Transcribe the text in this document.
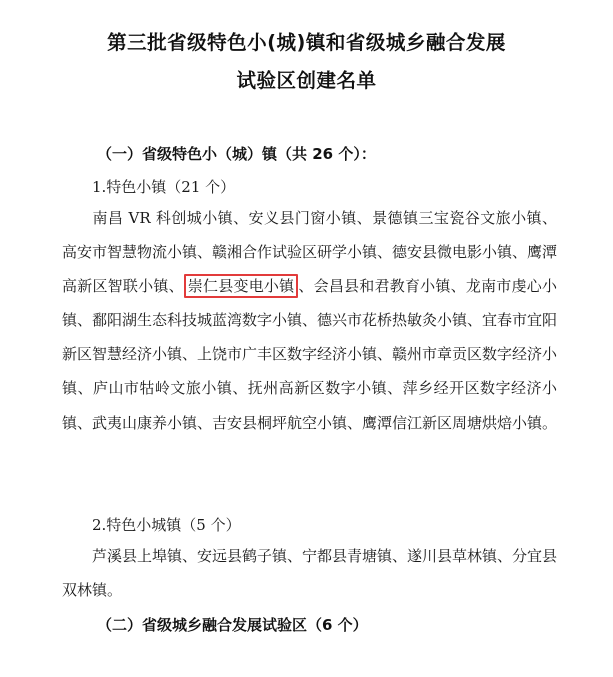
第三批省级特色小(城)镇和省级城乡融合发展
试验区创建名单
（一）省级特色小（城）镇（共 26 个）：
1.特色小镇（21 个）
南昌 VR 科创城小镇、安义县门窗小镇、景德镇三宝瓷谷文旅小镇、高安市智慧物流小镇、赣湘合作试验区研学小镇、德安县微电影小镇、鹰潭高新区智联小镇、 崇仁县变电小镇 、会昌县和君教育小镇、龙南市虔心小镇、鄱阳湖生态科技城蓝湾数字小镇、德兴市花桥热敏灸小镇、宜春市宜阳新区智慧经济小镇、上饶市广丰区数字经济小镇、赣州市章贡区数字经济小镇、庐山市牯岭文旅小镇、抚州高新区数字小镇、萍乡经开区数字经济小镇、武夷山康养小镇、吉安县桐坪航空小镇、鹰潭信江新区周塘烘焙小镇。
2.特色小城镇（5 个）
芦溪县上埠镇、安远县鹤子镇、宁都县青塘镇、遂川县草林镇、分宜县双林镇。
（二）省级城乡融合发展试验区（6 个）
